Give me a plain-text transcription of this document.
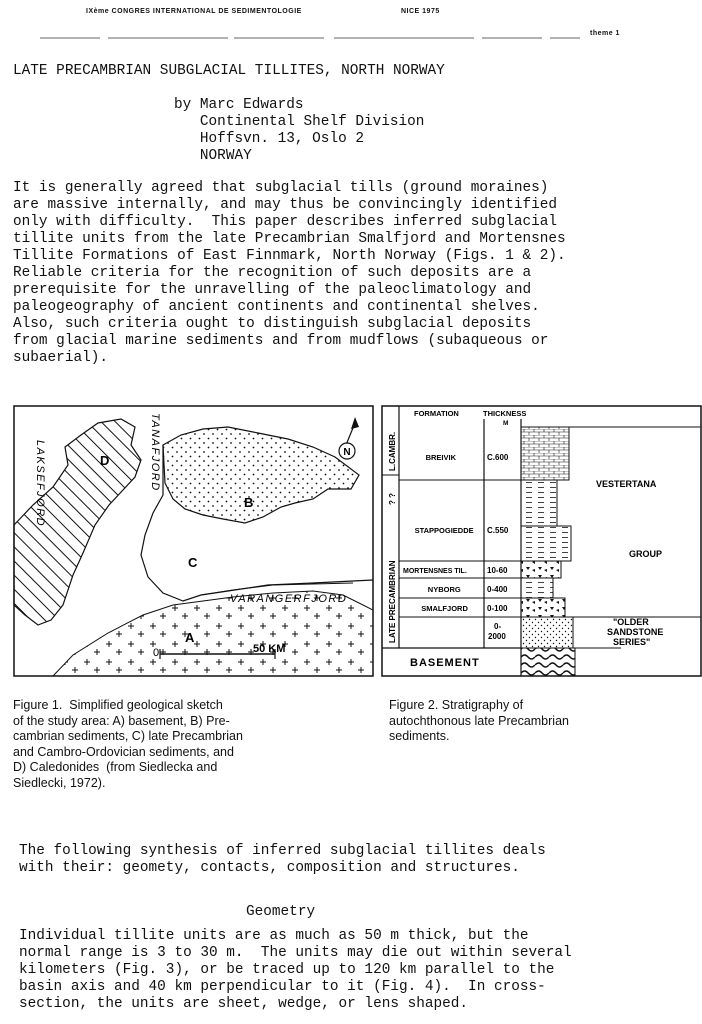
IXème CONGRES INTERNATIONAL DE SEDIMENTOLOGIE	NICE 1975
theme 1
LATE PRECAMBRIAN SUBGLACIAL TILLITES, NORTH NORWAY
by Marc Edwards
Continental Shelf Division
Hoffsvn. 13, Oslo 2
NORWAY
It is generally agreed that subglacial tills (ground moraines)
are massive internally, and may thus be convincingly identified
only with difficulty.  This paper describes inferred subglacial
tillite units from the late Precambrian Smalfjord and Mortensnes
Tillite Formations of East Finnmark, North Norway (Figs. 1 & 2).
Reliable criteria for the recognition of such deposits are a
prerequisite for the unravelling of the paleoclimatology and
paleogeography of ancient continents and continental shelves.
Also, such criteria ought to distinguish subglacial deposits
from glacial marine sediments and from mudflows (subaqueous or
subaerial).
N
D
B
C
A
0	50 KM
VARANGERFJORD
TANAFJORD
LAKSEFJORD
FORMATION	THICKNESS
M
L.CAMBR.
? ?
LATE PRECAMBRIAN
BREIVIK	C.600
STAPPOGIEDDE C.550
MORTENSNES TIL.	10-60
NYBORG	0-400
SMALFJORD 0-100
0-
2000
BASEMENT
VESTERTANA
GROUP
"OLDER
SANDSTONE
SERIES"
Figure 1.  Simplified geological sketch
of the study area: A) basement, B) Pre-
cambrian sediments, C) late Precambrian
and Cambro-Ordovician sediments, and
D) Caledonides  (from Siedlecka and
Siedlecki, 1972).
Figure 2. Stratigraphy of
autochthonous late Precambrian
sediments.
The following synthesis of inferred subglacial tillites deals
with their: geomety, contacts, composition and structures.
Geometry
Individual tillite units are as much as 50 m thick, but the
normal range is 3 to 30 m.  The units may die out within several
kilometers (Fig. 3), or be traced up to 120 km parallel to the
basin axis and 40 km perpendicular to it (Fig. 4).  In cross-
section, the units are sheet, wedge, or lens shaped.
